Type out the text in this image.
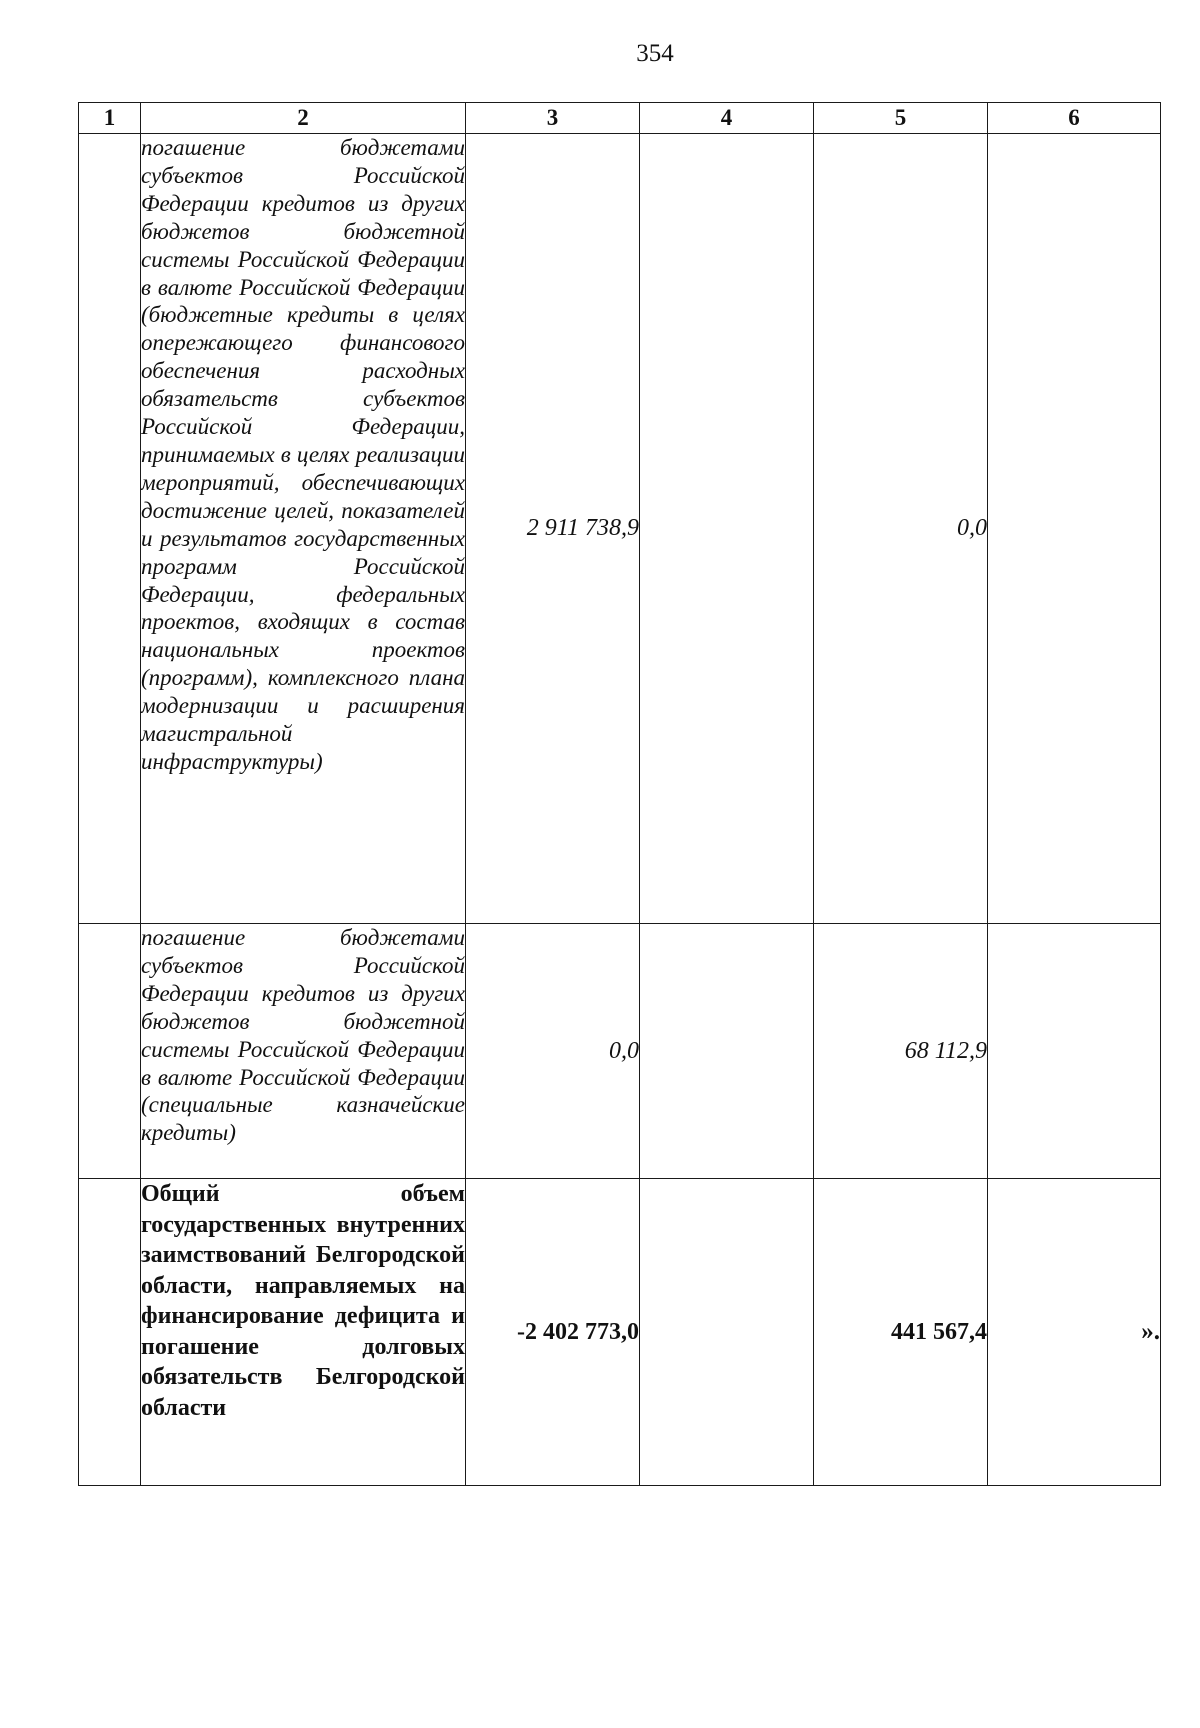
354
1	2	3	4	5	6
	погашение бюджетами субъектов Российской Федерации кредитов из других бюджетов бюджетной системы Российской Федерации в валюте Российской Федерации (бюджетные кредиты в целях опережающего финансового обеспечения расходных обязательств субъектов Российской Федерации, принимаемых в целях реализации мероприятий, обеспечивающих достижение целей, показателей и результатов государственных программ Российской Федерации, федеральных проектов, входящих в состав национальных проектов (программ), комплексного плана модернизации и расширения магистральной инфраструктуры)	2 911 738,9		0,0	
	погашение бюджетами субъектов Российской Федерации кредитов из других бюджетов бюджетной системы Российской Федерации в валюте Российской Федерации (специальные казначейские кредиты)	0,0		68 112,9	
	Общий объем государственных внутренних заимствований Белгородской области, направляемых на финансирование дефицита и погашение долговых обязательств Белгородской области	-2 402 773,0		441 567,4	».
